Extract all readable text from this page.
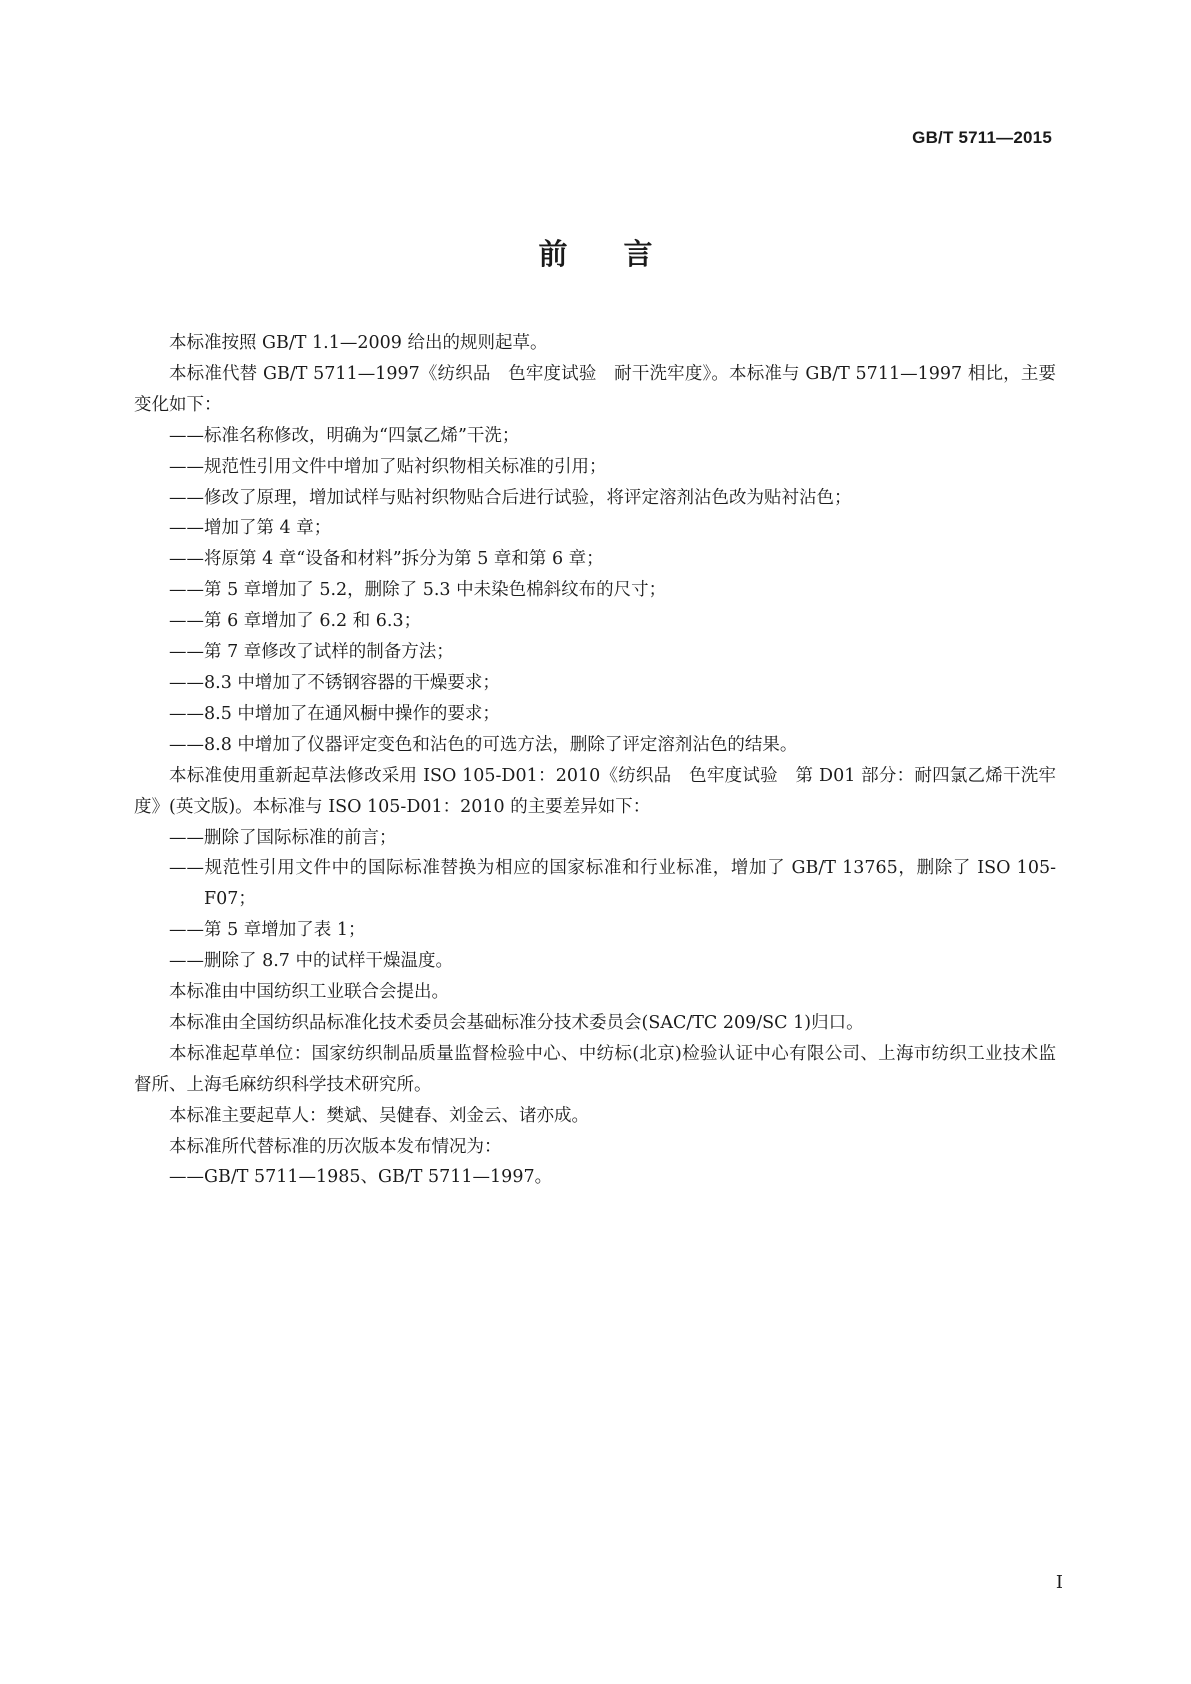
GB/T 5711—2015
前言

本标准按照 GB/T 1.1—2009 给出的规则起草。

本标准代替 GB/T 5711—1997《纺织品　色牢度试验　耐干洗牢度》。本标准与 GB/T 5711—1997 相比，主要变化如下：

——标准名称修改，明确为“四氯乙烯”干洗；

——规范性引用文件中增加了贴衬织物相关标准的引用；

——修改了原理，增加试样与贴衬织物贴合后进行试验，将评定溶剂沾色改为贴衬沾色；

——增加了第 4 章；

——将原第 4 章“设备和材料”拆分为第 5 章和第 6 章；

——第 5 章增加了 5.2，删除了 5.3 中未染色棉斜纹布的尺寸；

——第 6 章增加了 6.2 和 6.3；

——第 7 章修改了试样的制备方法；

——8.3 中增加了不锈钢容器的干燥要求；

——8.5 中增加了在通风橱中操作的要求；

——8.8 中增加了仪器评定变色和沾色的可选方法，删除了评定溶剂沾色的结果。

本标准使用重新起草法修改采用 ISO 105-D01：2010《纺织品　色牢度试验　第 D01 部分：耐四氯乙烯干洗牢度》(英文版)。本标准与 ISO 105-D01：2010 的主要差异如下：

——删除了国际标准的前言；

——规范性引用文件中的国际标准替换为相应的国家标准和行业标准，增加了 GB/T 13765，删除了 ISO 105-F07；

——第 5 章增加了表 1；

——删除了 8.7 中的试样干燥温度。

本标准由中国纺织工业联合会提出。

本标准由全国纺织品标准化技术委员会基础标准分技术委员会(SAC/TC 209/SC 1)归口。

本标准起草单位：国家纺织制品质量监督检验中心、中纺标(北京)检验认证中心有限公司、上海市纺织工业技术监督所、上海毛麻纺织科学技术研究所。

本标准主要起草人：樊斌、吴健春、刘金云、诸亦成。

本标准所代替标准的历次版本发布情况为：

——GB/T 5711—1985、GB/T 5711—1997。

I
